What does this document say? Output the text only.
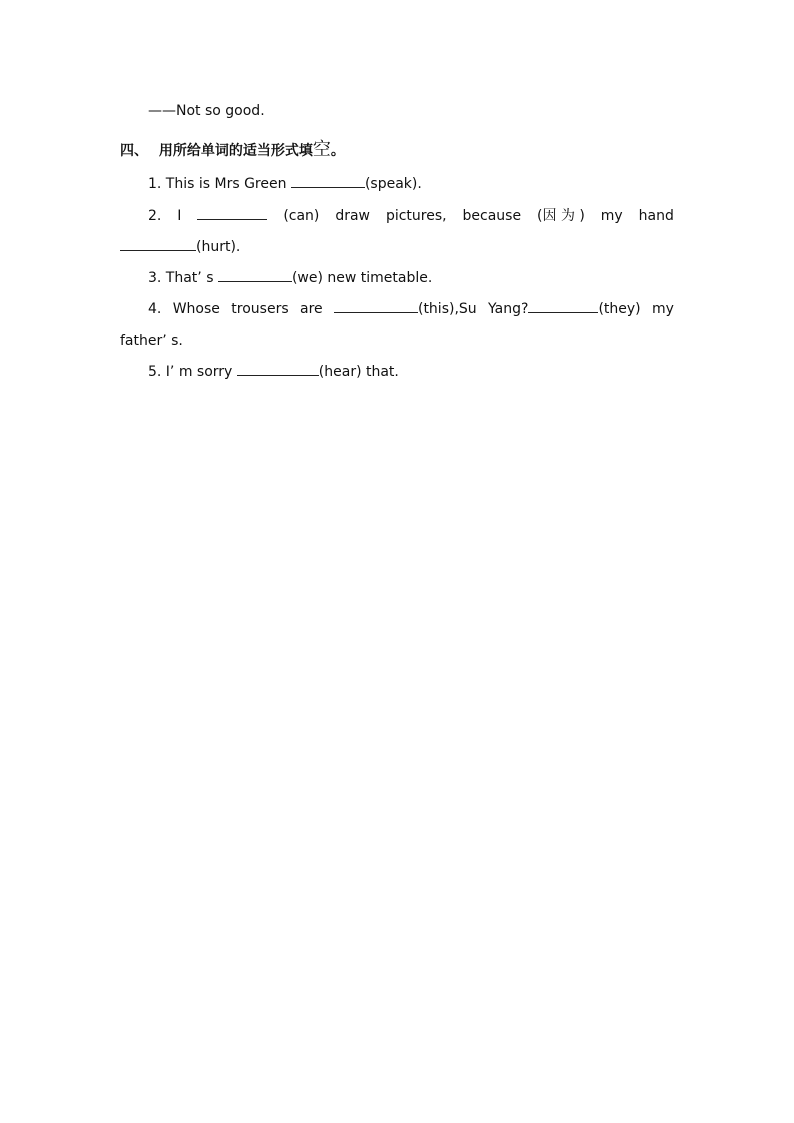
——Not so good.
四、 用所给单词的适当形式填空。
1. This is Mrs Green	(speak).
2. I	(can) draw pictures, because (因 为 ) my hand
(hurt).
3. That’ s	(we) new timetable.
4. Whose trousers are	(this),Su Yang?	(they) my
father’ s.
5. I’ m sorry	(hear) that.
